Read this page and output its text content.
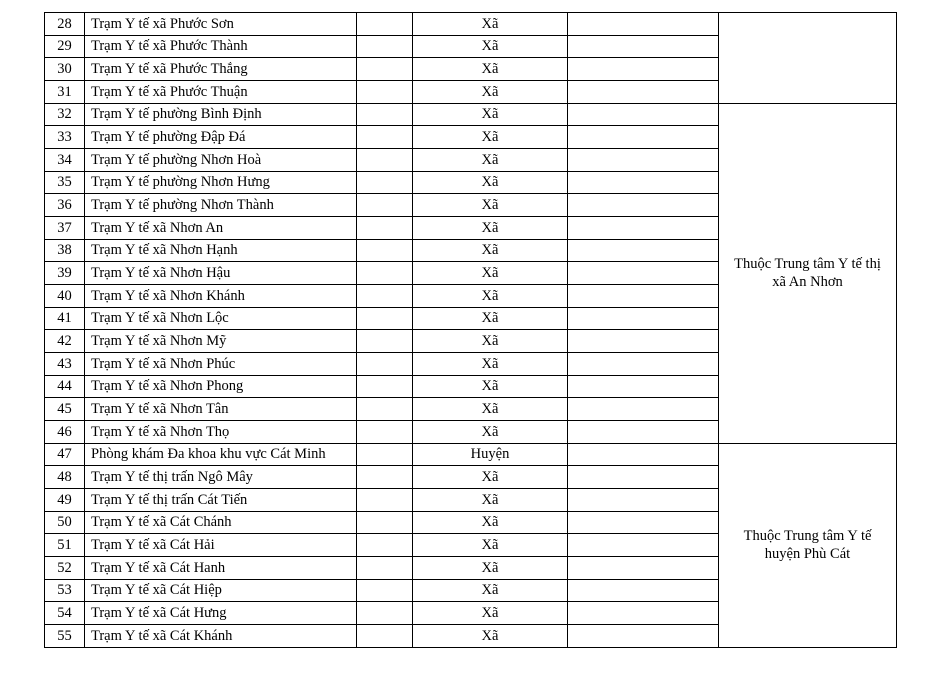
28	Trạm Y tế xã Phước Sơn		Xã		
29	Trạm Y tế xã Phước Thành		Xã		
30	Trạm Y tế xã Phước Thắng		Xã		
31	Trạm Y tế xã Phước Thuận		Xã		
32	Trạm Y tế phường Bình Định		Xã		Thuộc Trung tâm Y tế thị xã An Nhơn
33	Trạm Y tế phường Đập Đá		Xã		
34	Trạm Y tế phường Nhơn Hoà		Xã		
35	Trạm Y tế phường Nhơn Hưng		Xã		
36	Trạm Y tế phường Nhơn Thành		Xã		
37	Trạm Y tế xã Nhơn An		Xã		
38	Trạm Y tế xã Nhơn Hạnh		Xã		
39	Trạm Y tế xã Nhơn Hậu		Xã		
40	Trạm Y tế xã Nhơn Khánh		Xã		
41	Trạm Y tế xã Nhơn Lộc		Xã		
42	Trạm Y tế xã Nhơn Mỹ		Xã		
43	Trạm Y tế xã Nhơn Phúc		Xã		
44	Trạm Y tế xã Nhơn Phong		Xã		
45	Trạm Y tế xã Nhơn Tân		Xã		
46	Trạm Y tế xã Nhơn Thọ		Xã		
47	Phòng khám Đa khoa khu vực Cát Minh		Huyện		Thuộc Trung tâm Y tế huyện Phù Cát
48	Trạm Y tế thị trấn Ngô Mây		Xã		
49	Trạm Y tế thị trấn Cát Tiến		Xã		
50	Trạm Y tế xã Cát Chánh		Xã		
51	Trạm Y tế xã Cát Hải		Xã		
52	Trạm Y tế xã Cát Hanh		Xã		
53	Trạm Y tế xã Cát Hiệp		Xã		
54	Trạm Y tế xã Cát Hưng		Xã		
55	Trạm Y tế xã Cát Khánh		Xã		
